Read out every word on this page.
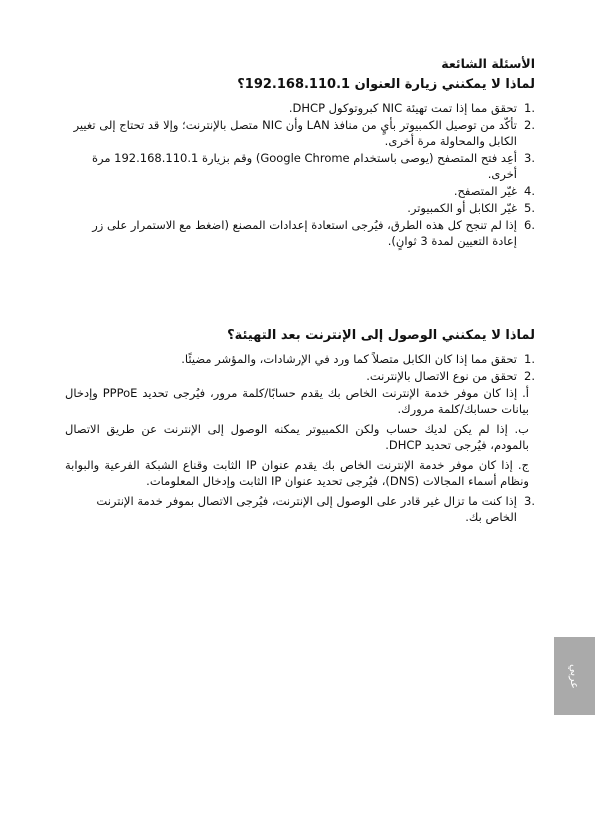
الأسئلة الشائعة
لماذا لا يمكنني زيارة العنوان 192.168.110.1؟
1.
تحقق مما إذا تمت تهيئة NIC كبروتوكول DHCP.
2.
تأكّد من توصيل الكمبيوتر بأيٍ من منافذ LAN وأن NIC متصل بالإنترنت؛ وإلا قد تحتاج إلى تغيير الكابل والمحاولة مرة أخرى.
3.
أعِد فتح المتصفح (يوصى باستخدام Google Chrome) وقم بزيارة 192.168.110.1 مرة أخرى.
4.
غيّر المتصفح.
5.
غيّر الكابل أو الكمبيوتر.
6.
إذا لم تنجح كل هذه الطرق، فيُرجى استعادة إعدادات المصنع (اضغط مع الاستمرار على زر إعادة التعيين لمدة 3 ثوانٍ).
لماذا لا يمكنني الوصول إلى الإنترنت بعد التهيئة؟
1.
تحقق مما إذا كان الكابل متصلاً كما ورد في الإرشادات، والمؤشر مضيئًا.
2.
تحقق من نوع الاتصال بالإنترنت.
أ. إذا كان موفر خدمة الإنترنت الخاص بك يقدم حسابًا/كلمة مرور، فيُرجى تحديد PPPoE وإدخال بيانات حسابك/كلمة مرورك.
ب. إذا لم يكن لديك حساب ولكن الكمبيوتر يمكنه الوصول إلى الإنترنت عن طريق الاتصال بالمودم، فيُرجى تحديد DHCP.
ج. إذا كان موفر خدمة الإنترنت الخاص بك يقدم عنوان IP الثابت وقناع الشبكة الفرعية والبوابة ونظام أسماء المجالات (DNS)، فيُرجى تحديد عنوان IP الثابت وإدخال المعلومات.
3.
إذا كنت ما تزال غير قادر على الوصول إلى الإنترنت، فيُرجى الاتصال بموفر خدمة الإنترنت الخاص بك.
عربي
